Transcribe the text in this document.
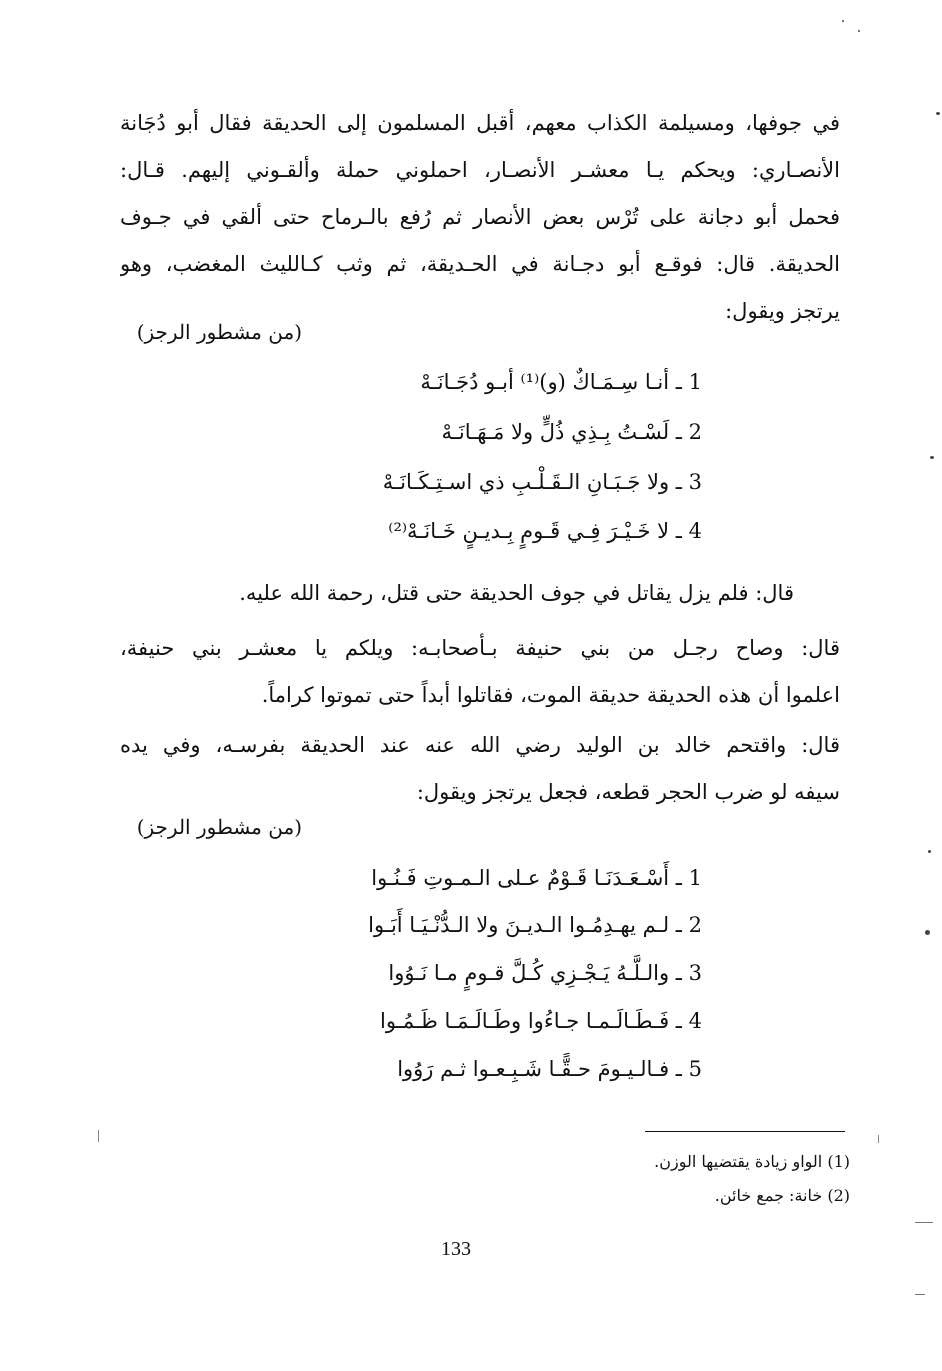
في جوفها، ومسيلمة الكذاب معهم، أقبل المسلمون إلى الحديقة فقال أبو دُجَانة
الأنصـاري: ويحكم يـا معشـر الأنصـار، احملوني حملة وألقـوني إليهم. قـال:
فحمل أبو دجانة على تُرْس بعض الأنصار ثم رُفع بالـرماح حتى ألقي في جـوف
الحديقة. قال: فوقـع أبو دجـانة في الحـديقة، ثم وثب كـالليث المغضب، وهو
يرتجز ويقول:
(من مشطور الرجز)
1 ـ أنـا سِـمَـاكٌ (و)⁽¹⁾ أبـو دُجَـانَـهْ
2 ـ لَسْـتُ بِـذِي ذُلٍّ ولا مَـهَـانَـهْ
3 ـ ولا جَـبَـانِ الـقَـلْـبِ ذي اسـتِـكَـانَـهْ
4 ـ لا خَـيْـرَ فِـي قَـومٍ بِـديـنٍ خَـانَـهْ⁽²⁾
قال: فلم يزل يقاتل في جوف الحديقة حتى قتل، رحمة الله عليه.
قال: وصاح رجـل من بني حنيفة بـأصحابـه: ويلكم يا معشـر بني حنيفة،
اعلموا أن هذه الحديقة حديقة الموت، فقاتلوا أبداً حتى تموتوا كراماً.
قال: واقتحم خالد بن الوليد رضي الله عنه عند الحديقة بفرسـه، وفي يده
سيفه لو ضرب الحجر قطعه، فجعل يرتجز ويقول:
(من مشطور الرجز)
1 ـ أَسْـعَـدَنَـا قَـوْمٌ عـلى الـمـوتِ فَـنُـوا
2 ـ لـم يهـدِمُـوا الـديـنَ ولا الـدُّنْـيَـا أَبَـوا
3 ـ والـلَّـهُ يَـجْـزِي كُـلَّ قـومٍ مـا نَـوُوا
4 ـ فَـطَـالَـمـا جـاءُوا وطَـالَـمَـا ظَـمُـوا
5 ـ فـالـيـومَ حـقًّـا شَـبِـعـوا ثـم رَوُوا
(1) الواو زيادة يقتضيها الوزن.
(2) خانة: جمع خائن.
133
